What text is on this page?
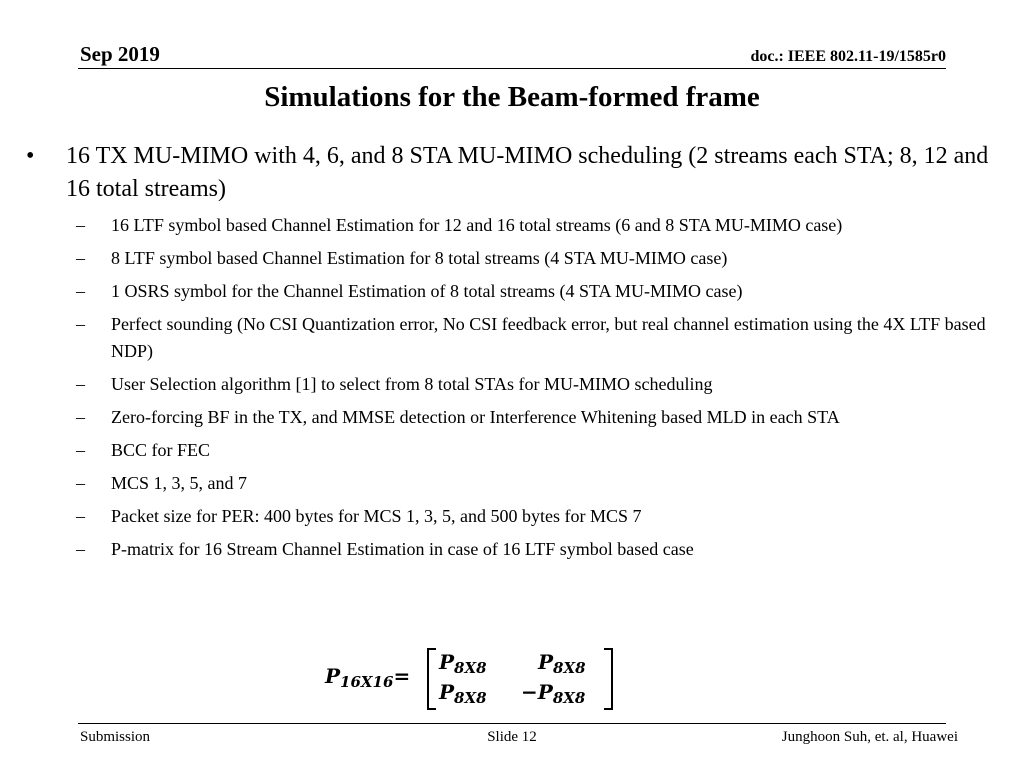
Sep 2019	doc.: IEEE 802.11-19/1585r0
Simulations for the Beam-formed frame
• 16 TX MU-MIMO with 4, 6, and 8 STA MU-MIMO scheduling (2 streams each STA; 8, 12 and 16 total streams)
– 16 LTF symbol based Channel Estimation for 12 and 16 total streams (6 and 8 STA MU-MIMO case)
– 8 LTF symbol based Channel Estimation for 8 total streams (4 STA MU-MIMO case)
– 1 OSRS symbol for the Channel Estimation of 8 total streams (4 STA MU-MIMO case)
– Perfect sounding (No CSI Quantization error, No CSI feedback error, but real channel estimation using the 4X LTF based NDP)
– User Selection algorithm [1] to select from 8 total STAs for MU-MIMO scheduling
– Zero-forcing BF in the TX, and MMSE detection or Interference Whitening based MLD in each STA
– BCC for FEC
– MCS 1, 3, 5, and 7
– Packet size for PER: 400 bytes for MCS 1, 3, 5, and 500 bytes for MCS 7
– P-matrix for 16 Stream Channel Estimation in case of 16 LTF symbol based case
$P_{16X16}=$
$P_{8X8}$	$P_{8X8}$
$P_{8X8} -P_{8X8}$
Submission	Slide 12	Junghoon Suh, et. al, Huawei
